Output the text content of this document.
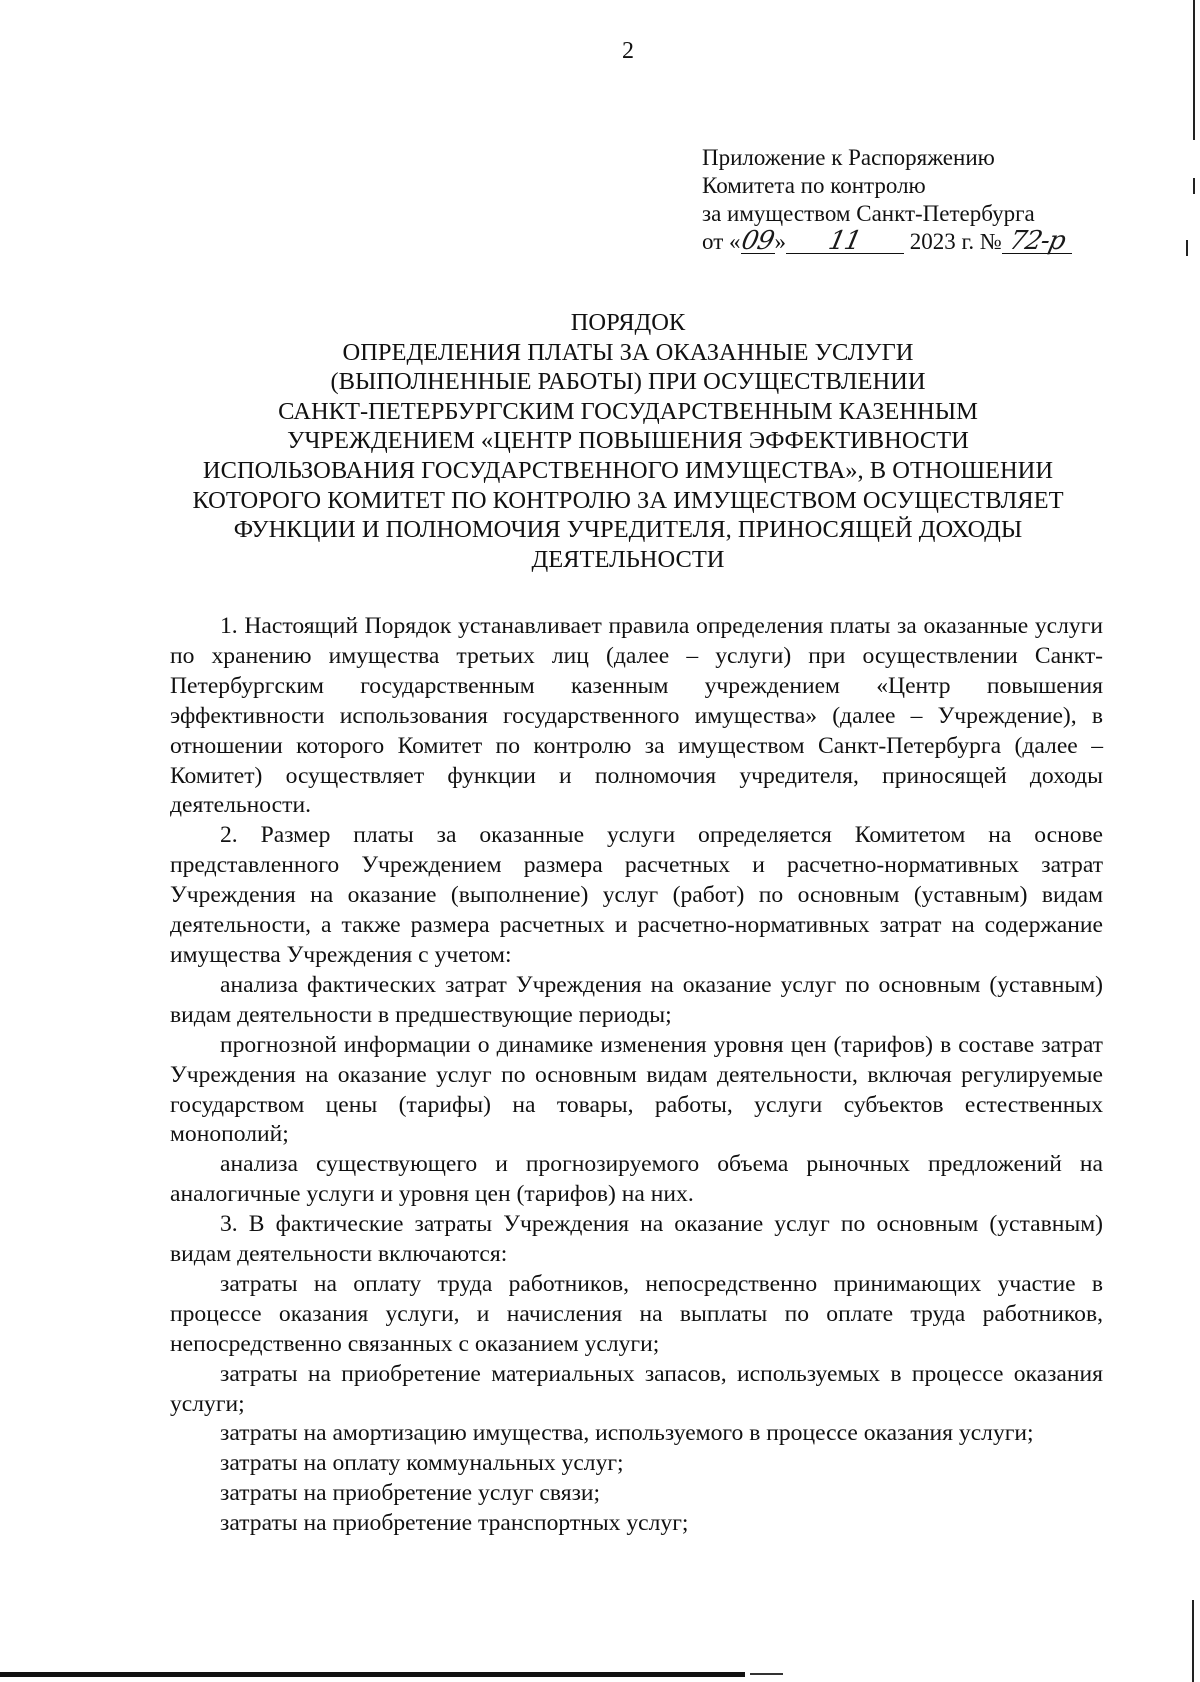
2
Приложение к Распоряжению
Комитета по контролю
за имуществом Санкт-Петербурга
от «09» 11 2023 г. № 72-р
ПОРЯДОК
ОПРЕДЕЛЕНИЯ ПЛАТЫ ЗА ОКАЗАННЫЕ УСЛУГИ
(ВЫПОЛНЕННЫЕ РАБОТЫ) ПРИ ОСУЩЕСТВЛЕНИИ
САНКТ-ПЕТЕРБУРГСКИМ ГОСУДАРСТВЕННЫМ КАЗЕННЫМ
УЧРЕЖДЕНИЕМ «ЦЕНТР ПОВЫШЕНИЯ ЭФФЕКТИВНОСТИ
ИСПОЛЬЗОВАНИЯ ГОСУДАРСТВЕННОГО ИМУЩЕСТВА», В ОТНОШЕНИИ
КОТОРОГО КОМИТЕТ ПО КОНТРОЛЮ ЗА ИМУЩЕСТВОМ ОСУЩЕСТВЛЯЕТ
ФУНКЦИИ И ПОЛНОМОЧИЯ УЧРЕДИТЕЛЯ, ПРИНОСЯЩЕЙ ДОХОДЫ
ДЕЯТЕЛЬНОСТИ

1. Настоящий Порядок устанавливает правила определения платы за оказанные услуги по хранению имущества третьих лиц (далее – услуги) при осуществлении Санкт-Петербургским государственным казенным учреждением «Центр повышения эффективности использования государственного имущества» (далее – Учреждение), в отношении которого Комитет по контролю за имуществом Санкт-Петербурга (далее – Комитет) осуществляет функции и полномочия учредителя, приносящей доходы деятельности.

2. Размер платы за оказанные услуги определяется Комитетом на основе представленного Учреждением размера расчетных и расчетно-нормативных затрат Учреждения на оказание (выполнение) услуг (работ) по основным (уставным) видам деятельности, а также размера расчетных и расчетно-нормативных затрат на содержание имущества Учреждения с учетом:

анализа фактических затрат Учреждения на оказание услуг по основным (уставным) видам деятельности в предшествующие периоды;

прогнозной информации о динамике изменения уровня цен (тарифов) в составе затрат Учреждения на оказание услуг по основным видам деятельности, включая регулируемые государством цены (тарифы) на товары, работы, услуги субъектов естественных монополий;

анализа существующего и прогнозируемого объема рыночных предложений на аналогичные услуги и уровня цен (тарифов) на них.

3. В фактические затраты Учреждения на оказание услуг по основным (уставным) видам деятельности включаются:

затраты на оплату труда работников, непосредственно принимающих участие в процессе оказания услуги, и начисления на выплаты по оплате труда работников, непосредственно связанных с оказанием услуги;

затраты на приобретение материальных запасов, используемых в процессе оказания услуги;

затраты на амортизацию имущества, используемого в процессе оказания услуги;

затраты на оплату коммунальных услуг;

затраты на приобретение услуг связи;

затраты на приобретение транспортных услуг;
